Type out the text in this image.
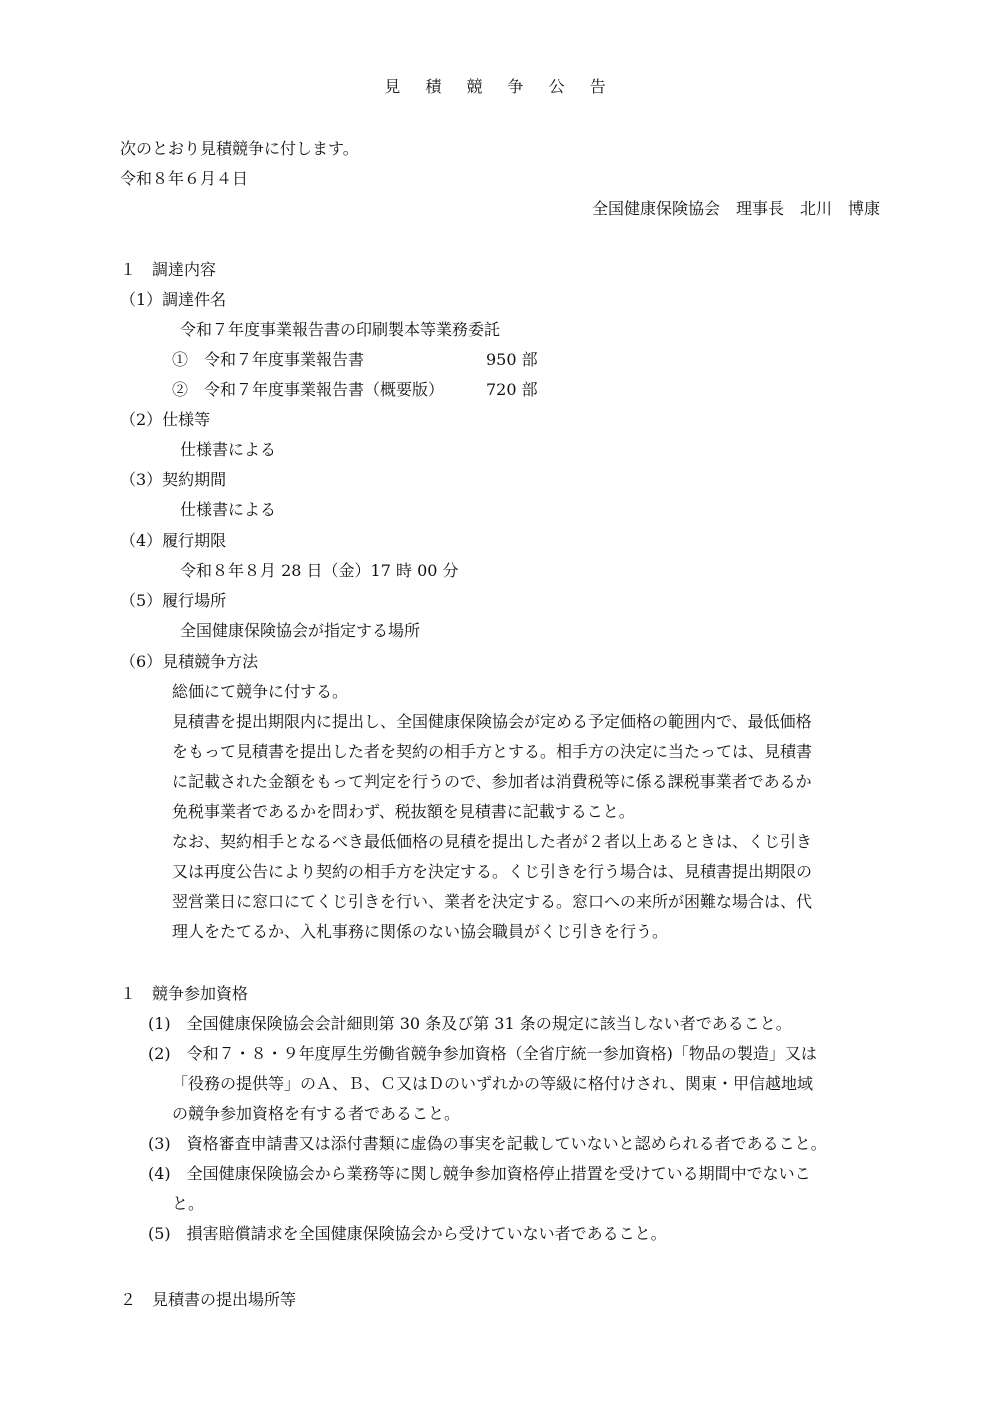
見 積 競 争 公 告
次のとおり見積競争に付します。
令和８年６月４日
全国健康保険協会　理事長　北川　博康
１　調達内容
（1）調達件名
令和７年度事業報告書の印刷製本等業務委託
①　令和７年度事業報告書	950 部
②　令和７年度事業報告書（概要版）	720 部
（2）仕様等
仕様書による
（3）契約期間
仕様書による
（4）履行期限
令和８年８月 28 日（金）17 時 00 分
（5）履行場所
全国健康保険協会が指定する場所
（6）見積競争方法
総価にて競争に付する。
見積書を提出期限内に提出し、全国健康保険協会が定める予定価格の範囲内で、最低価格
をもって見積書を提出した者を契約の相手方とする。相手方の決定に当たっては、見積書
に記載された金額をもって判定を行うので、参加者は消費税等に係る課税事業者であるか
免税事業者であるかを問わず、税抜額を見積書に記載すること。
なお、契約相手となるべき最低価格の見積を提出した者が２者以上あるときは、くじ引き
又は再度公告により契約の相手方を決定する。くじ引きを行う場合は、見積書提出期限の
翌営業日に窓口にてくじ引きを行い、業者を決定する。窓口への来所が困難な場合は、代
理人をたてるか、入札事務に関係のない協会職員がくじ引きを行う。
１　競争参加資格
(1)　全国健康保険協会会計細則第 30 条及び第 31 条の規定に該当しない者であること。
(2)　令和７・８・９年度厚生労働省競争参加資格（全省庁統一参加資格)「物品の製造」又は
「役務の提供等」のＡ、Ｂ、Ｃ又はＤのいずれかの等級に格付けされ、関東・甲信越地域
の競争参加資格を有する者であること。
(3)　資格審査申請書又は添付書類に虚偽の事実を記載していないと認められる者であること。
(4)　全国健康保険協会から業務等に関し競争参加資格停止措置を受けている期間中でないこ
と。
(5)　損害賠償請求を全国健康保険協会から受けていない者であること。
２　見積書の提出場所等
